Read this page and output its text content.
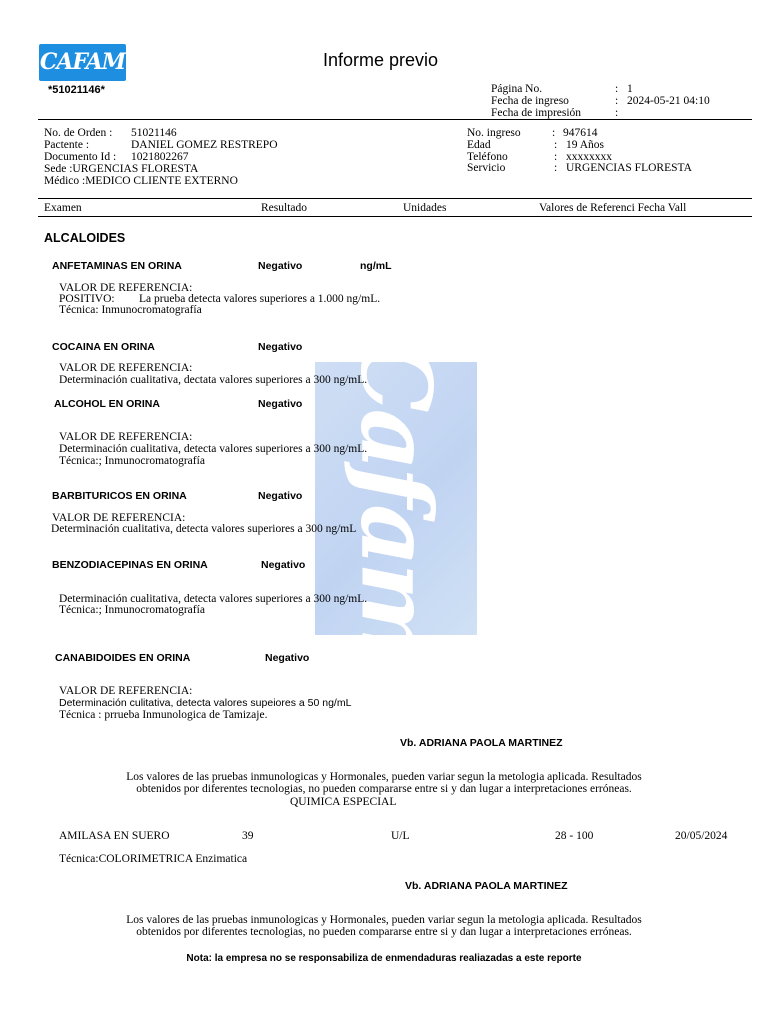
CAFAM	Informe previo
*51021146*	Página No.	: 1
Fecha de ingreso	: 2024-05-21 04:10
Fecha de impresión	:
No. de Orden : 51021146
Pactente :	DANIEL GOMEZ RESTREPO
Documento Id : 1021802267
Sede :URGENCIAS FLORESTA
Médico :MEDICO CLIENTE EXTERNO
No. ingreso	: 947614
Edad	: 19 Años
Teléfono	: xxxxxxxx
Servicio	: URGENCIAS FLORESTA
Examen	Resultado	Unidades	Valores de Referenci Fecha Vall
Cafam
ALCALOIDES
ANFETAMINAS EN ORINA	Negativo	ng/mL
VALOR DE REFERENCIA:
POSITIVO: La prueba detecta valores superiores a 1.000 ng/mL.
Técnica: Inmunocromatografía
COCAINA EN ORINA	Negativo
VALOR DE REFERENCIA:
Determinación cualitativa, dectata valores superiores a 300 ng/mL.
ALCOHOL EN ORINA	Negativo
VALOR DE REFERENCIA:
Determinación cualitativa, detecta valores superiores a 300 ng/mL.
Técnica:; Inmunocromatografía
BARBITURICOS EN ORINA	Negativo
VALOR DE REFERENCIA:
Determinación cualitativa, detecta valores superiores a 300 ng/mL
BENZODIACEPINAS EN ORINA	Negativo
Determinación cualitativa, detecta valores superiores a 300 ng/mL.
Técnica:; Inmunocromatografía
CANABIDOIDES EN ORINA	Negativo
VALOR DE REFERENCIA:
Determinación culitativa, detecta valores supeiores a 50 ng/mL
Técnica : prrueba Inmunologica de Tamizaje.
Vb. ADRIANA PAOLA MARTINEZ
Los valores de las pruebas inmunologicas y Hormonales, pueden variar segun la metologia aplicada. Resultados
obtenidos por diferentes tecnologias, no pueden compararse entre si y dan lugar a interpretaciones erróneas.
QUIMICA ESPECIAL
AMILASA EN SUERO	39	U/L	28 - 100	20/05/2024
Técnica:COLORIMETRICA Enzimatica
Vb. ADRIANA PAOLA MARTINEZ
Los valores de las pruebas inmunologicas y Hormonales, pueden variar segun la metologia aplicada. Resultados
obtenidos por diferentes tecnologias, no pueden compararse entre si y dan lugar a interpretaciones erróneas.
Nota: la empresa no se responsabiliza de enmendaduras realiazadas a este reporte
